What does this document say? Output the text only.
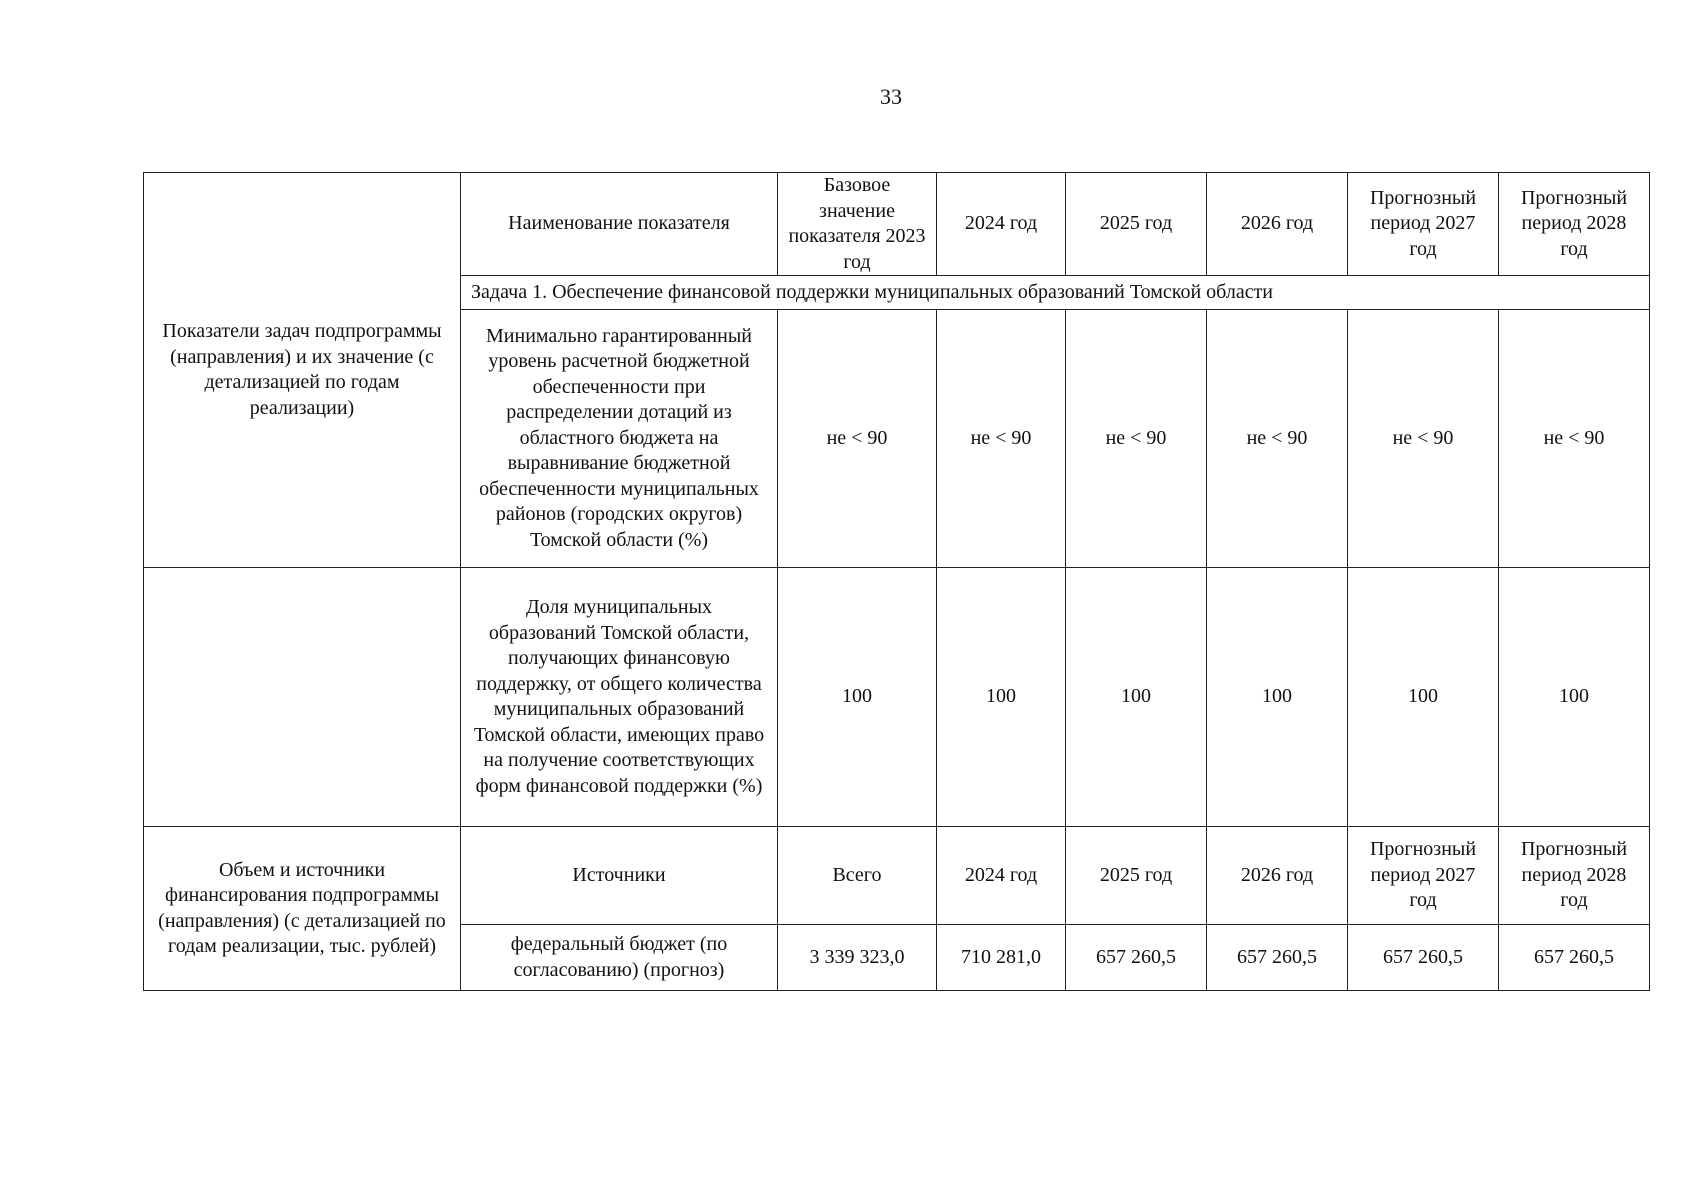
33
Показатели задач подпрограммы (направления) и их значение (с детализацией по годам реализации)	Наименование показателя	Базовое значение показателя 2023 год	2024 год	2025 год	2026 год	Прогнозный период 2027 год	Прогнозный период 2028 год
	Задача 1. Обеспечение финансовой поддержки муниципальных образований Томской области						
	Минимально гарантированный уровень расчетной бюджетной обеспеченности при распределении дотаций из областного бюджета на выравнивание бюджетной обеспеченности муниципальных районов (городских округов) Томской области (%)	не < 90	не < 90	не < 90	не < 90	не < 90	не < 90
	Доля муниципальных образований Томской области, получающих финансовую поддержку, от общего количества муниципальных образований Томской области, имеющих право на получение соответствующих форм финансовой поддержки (%)	100	100	100	100	100	100
Объем и источники финансирования подпрограммы (направления) (с детализацией по годам реализации, тыс. рублей)	Источники	Всего	2024 год	2025 год	2026 год	Прогнозный период 2027 год	Прогнозный период 2028 год
	федеральный бюджет (по согласованию) (прогноз)	3 339 323,0	710 281,0	657 260,5	657 260,5	657 260,5	657 260,5
